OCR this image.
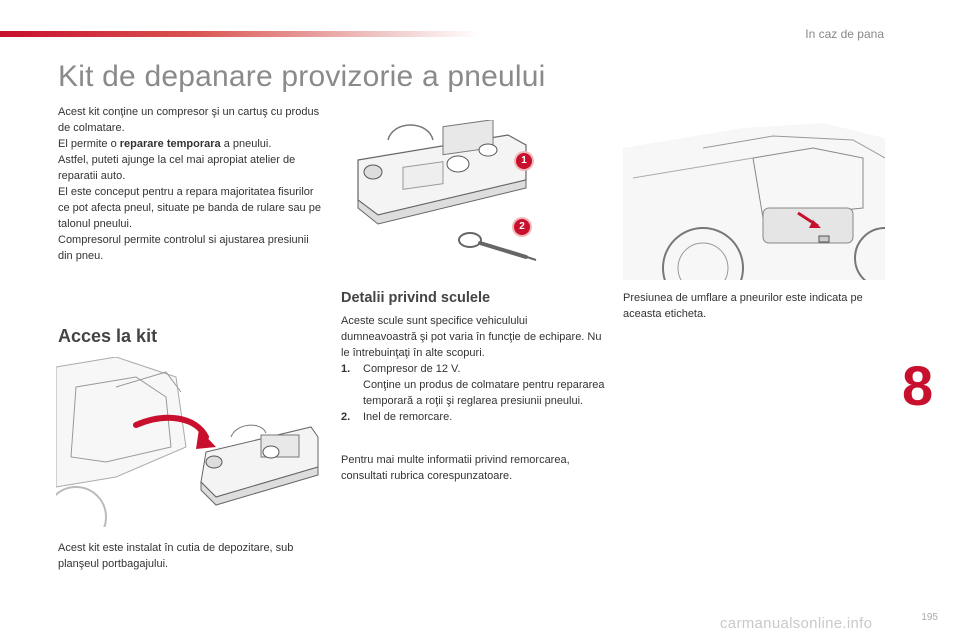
In caz de pana
Kit de depanare provizorie a pneului

Acest kit conţine un compresor şi un cartuş cu produs de colmatare.

El permite o reparare temporara a pneului.

Astfel, puteti ajunge la cel mai apropiat atelier de reparatii auto.

El este conceput pentru a repara majoritatea fisurilor ce pot afecta pneul, situate pe banda de rulare sau pe talonul pneului.

Compresorul permite controlul si ajustarea presiunii din pneu.

1
2

Presiunea de umflare a pneurilor este indicata pe aceasta eticheta.

Detalii privind sculele

Aceste scule sunt specifice vehiculului dumneavoastră şi pot varia în funcţie de echipare. Nu le întrebuinţaţi în alte scopuri.

1. Compresor de 12 V.
Conţine un produs de colmatare pentru repararea temporară a roţii şi reglarea presiunii pneului.
2. Inel de remorcare.

Pentru mai multe informatii privind remorcarea, consultati rubrica corespunzatoare.

Acces la kit

Acest kit este instalat în cutia de depozitare, sub planşeul portbagajului.

8
195
carmanualsonline.info
